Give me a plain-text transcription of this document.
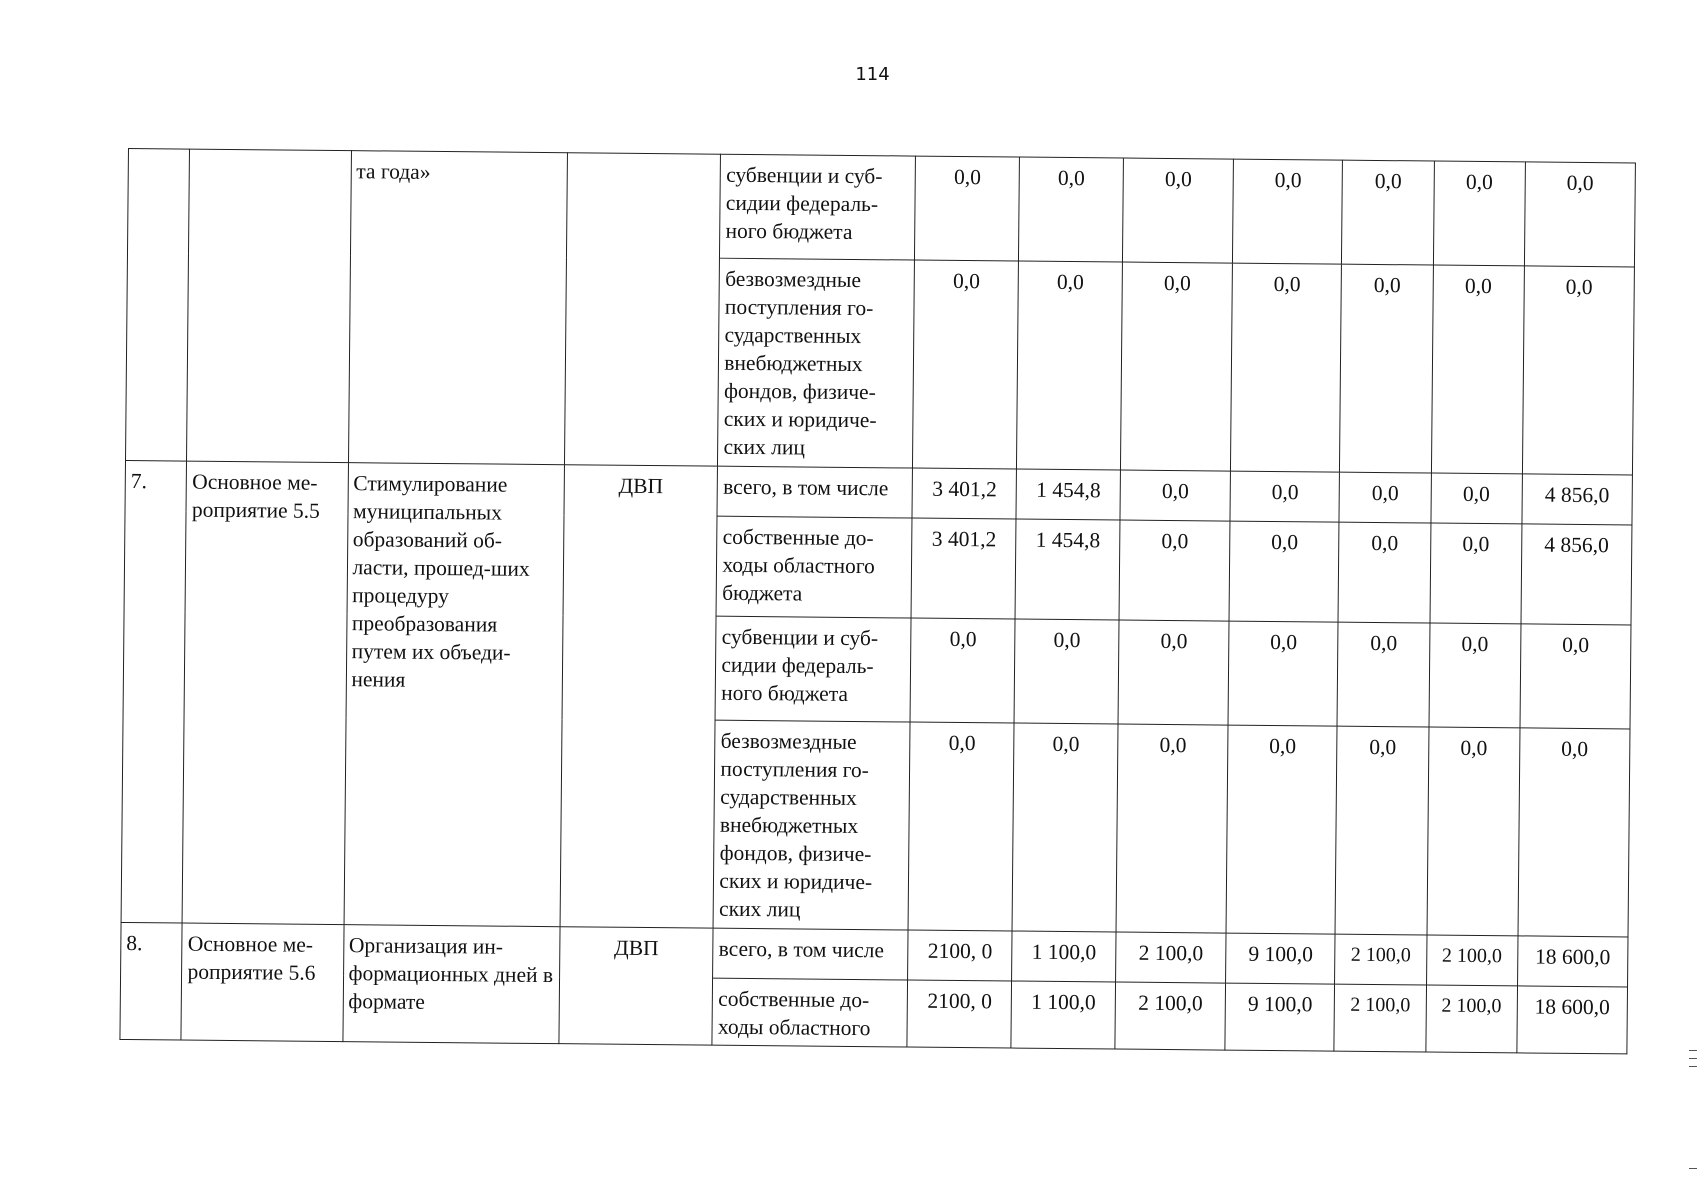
114
		та года»		субвенции и суб-сидии федераль-ного бюджета	0,0	0,0	0,0	0,0	0,0	0,0	0,0
				безвозмездные поступления го-сударственных внебюджетных фондов, физиче-ских и юридиче-ских лиц	0,0	0,0	0,0	0,0	0,0	0,0	0,0
7.	Основное ме-роприятие 5.5	Стимулирование муниципальных образований об-ласти, прошед-ших процедуру преобразования путем их объеди-нения	ДВП	всего, в том числе	3 401,2	1 454,8	0,0	0,0	0,0	0,0	4 856,0
				собственные до-ходы областного бюджета	3 401,2	1 454,8	0,0	0,0	0,0	0,0	4 856,0
				субвенции и суб-сидии федераль-ного бюджета	0,0	0,0	0,0	0,0	0,0	0,0	0,0
				безвозмездные поступления го-сударственных внебюджетных фондов, физиче-ских и юридиче-ских лиц	0,0	0,0	0,0	0,0	0,0	0,0	0,0
8.	Основное ме-роприятие 5.6	Организация ин-формационных дней в формате	ДВП	всего, в том числе	2100, 0	1 100,0	2 100,0	9 100,0	2 100,0	2 100,0	18 600,0
				собственные до-ходы областного	2100, 0	1 100,0	2 100,0	9 100,0	2 100,0	2 100,0	18 600,0
